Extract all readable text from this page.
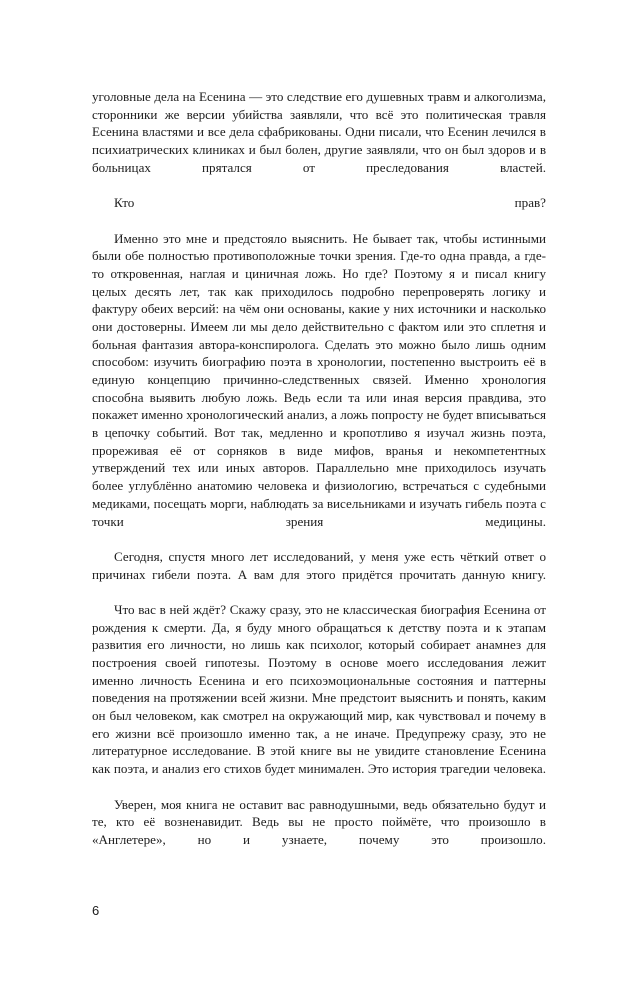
уголовные дела на Есенина — это следствие его душевных травм и алкоголизма, сторонники же версии убийства заявляли, что всё это политическая травля Есенина властями и все дела сфабрикованы. Одни писали, что Есенин лечился в психиатрических клиниках и был болен, другие заявляли, что он был здоров и в больницах прятался от преследования властей.

Кто прав?

Именно это мне и предстояло выяснить. Не бывает так, чтобы истинными были обе полностью противоположные точки зрения. Где-то одна правда, а где-то откровенная, наглая и циничная ложь. Но где? Поэтому я и писал книгу целых десять лет, так как приходилось подробно перепроверять логику и фактуру обеих версий: на чём они основаны, какие у них источники и насколько они достоверны. Имеем ли мы дело действительно с фактом или это сплетня и больная фантазия автора-конспиролога. Сделать это можно было лишь одним способом: изучить биографию поэта в хронологии, постепенно выстроить её в единую концепцию причинно-следственных связей. Именно хронология способна выявить любую ложь. Ведь если та или иная версия правдива, это покажет именно хронологический анализ, а ложь попросту не будет вписываться в цепочку событий. Вот так, медленно и кропотливо я изучал жизнь поэта, прореживая её от сорняков в виде мифов, вранья и некомпетентных утверждений тех или иных авторов. Параллельно мне приходилось изучать более углублённо анатомию человека и физиологию, встречаться с судебными медиками, посещать морги, наблюдать за висельниками и изучать гибель поэта с точки зрения медицины.

Сегодня, спустя много лет исследований, у меня уже есть чёткий ответ о причинах гибели поэта. А вам для этого придётся прочитать данную книгу.

Что вас в ней ждёт? Скажу сразу, это не классическая биография Есенина от рождения к смерти. Да, я буду много обращаться к детству поэта и к этапам развития его личности, но лишь как психолог, который собирает анамнез для построения своей гипотезы. Поэтому в основе моего исследования лежит именно личность Есенина и его психоэмоциональные состояния и паттерны поведения на протяжении всей жизни. Мне предстоит выяснить и понять, каким он был человеком, как смотрел на окружающий мир, как чувствовал и почему в его жизни всё произошло именно так, а не иначе. Предупрежу сразу, это не литературное исследование. В этой книге вы не увидите становление Есенина как поэта, и анализ его стихов будет минимален. Это история трагедии человека.

Уверен, моя книга не оставит вас равнодушными, ведь обязательно будут и те, кто её возненавидит. Ведь вы не просто поймёте, что произошло в «Англетере», но и узнаете, почему это произошло.

6
